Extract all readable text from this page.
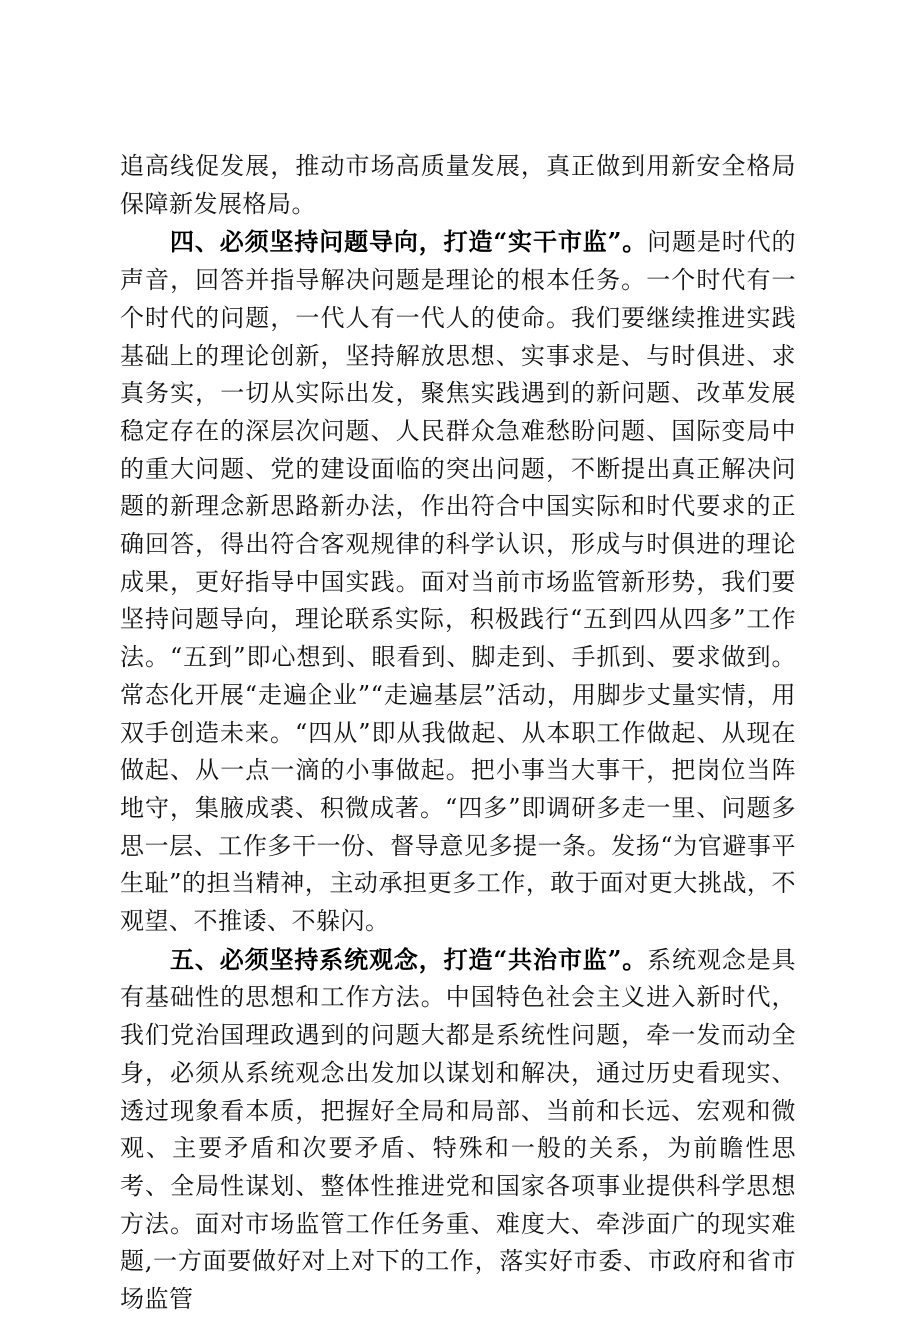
追高线促发展，推动市场高质量发展，真正做到用新安全格局保障新发展格局。

四、必须坚持问题导向，打造“实干市监”。问题是时代的声音，回答并指导解决问题是理论的根本任务。一个时代有一个时代的问题，一代人有一代人的使命。我们要继续推进实践基础上的理论创新，坚持解放思想、实事求是、与时俱进、求真务实，一切从实际出发，聚焦实践遇到的新问题、改革发展稳定存在的深层次问题、人民群众急难愁盼问题、国际变局中的重大问题、党的建设面临的突出问题，不断提出真正解决问题的新理念新思路新办法，作出符合中国实际和时代要求的正确回答，得出符合客观规律的科学认识，形成与时俱进的理论成果，更好指导中国实践。面对当前市场监管新形势，我们要坚持问题导向，理论联系实际，积极践行“五到四从四多”工作法。“五到”即心想到、眼看到、脚走到、手抓到、要求做到。常态化开展“走遍企业”“走遍基层”活动，用脚步丈量实情，用双手创造未来。“四从”即从我做起、从本职工作做起、从现在做起、从一点一滴的小事做起。把小事当大事干，把岗位当阵地守，集腋成裘、积微成著。“四多”即调研多走一里、问题多思一层、工作多干一份、督导意见多提一条。发扬“为官避事平生耻”的担当精神，主动承担更多工作，敢于面对更大挑战，不观望、不推诿、不躲闪。

五、必须坚持系统观念，打造“共治市监”。系统观念是具有基础性的思想和工作方法。中国特色社会主义进入新时代，我们党治国理政遇到的问题大都是系统性问题，牵一发而动全身，必须从系统观念出发加以谋划和解决，通过历史看现实、透过现象看本质，把握好全局和局部、当前和长远、宏观和微观、主要矛盾和次要矛盾、特殊和一般的关系，为前瞻性思考、全局性谋划、整体性推进党和国家各项事业提供科学思想方法。面对市场监管工作任务重、难度大、牵涉面广的现实难题,一方面要做好对上对下的工作，落实好市委、市政府和省市场监管
